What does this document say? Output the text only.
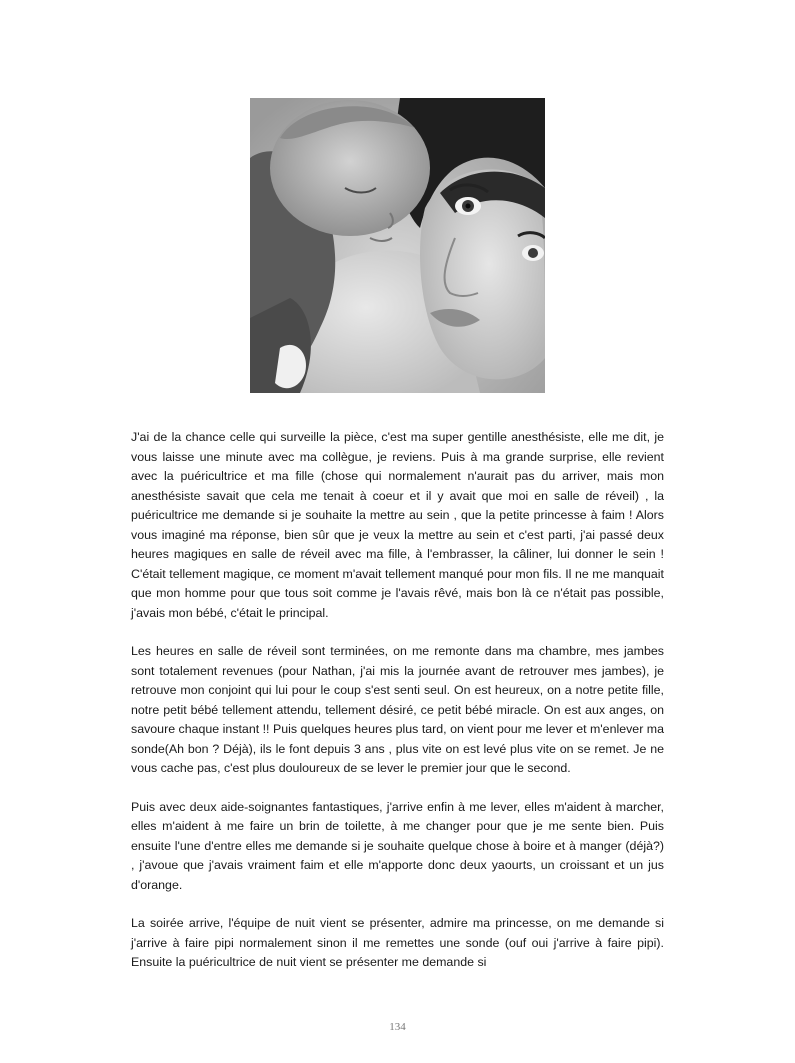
J'ai de la chance celle qui surveille la pièce, c'est ma super gentille anesthésiste, elle me dit, je vous laisse une minute avec ma collègue, je reviens. Puis à ma grande surprise, elle revient avec la puéricultrice et ma fille (chose qui normalement n'aurait pas du arriver, mais mon anesthésiste savait que cela me tenait à coeur et il y avait que moi en salle de réveil) , la puéricultrice me demande si je souhaite la mettre au sein , que la petite princesse à faim ! Alors vous imaginé ma réponse, bien sûr que je veux la mettre au sein et c'est parti, j'ai passé deux heures magiques en salle de réveil avec ma fille, à l'embrasser, la câliner, lui donner le sein ! C'était tellement magique, ce moment m'avait tellement manqué pour mon fils. Il ne me manquait que mon homme pour que tous soit comme je l'avais rêvé, mais bon là ce n'était pas possible, j'avais mon bébé, c'était le principal.

Les heures en salle de réveil sont terminées, on me remonte dans ma chambre, mes jambes sont totalement revenues (pour Nathan, j'ai mis la journée avant de retrouver mes jambes), je retrouve mon conjoint qui lui pour le coup s'est senti seul. On est heureux, on a notre petite fille, notre petit bébé tellement attendu, tellement désiré, ce petit bébé miracle. On est aux anges, on savoure chaque instant !! Puis quelques heures plus tard, on vient pour me lever et m'enlever ma sonde(Ah bon ? Déjà), ils le font depuis 3 ans , plus vite on est levé plus vite on se remet. Je ne vous cache pas, c'est plus douloureux de se lever le premier jour que le second.

Puis avec deux aide-soignantes fantastiques, j'arrive enfin à me lever, elles m'aident à marcher, elles m'aident à me faire un brin de toilette, à me changer pour que je me sente bien. Puis ensuite l'une d'entre elles me demande si je souhaite quelque chose à boire et à manger (déjà?) , j'avoue que j'avais vraiment faim et elle m'apporte donc deux yaourts, un croissant et un jus d'orange.

La soirée arrive, l'équipe de nuit vient se présenter, admire ma princesse, on me demande si j'arrive à faire pipi normalement sinon il me remettes une sonde (ouf oui j'arrive à faire pipi). Ensuite la puéricultrice de nuit vient se présenter me demande si

134
